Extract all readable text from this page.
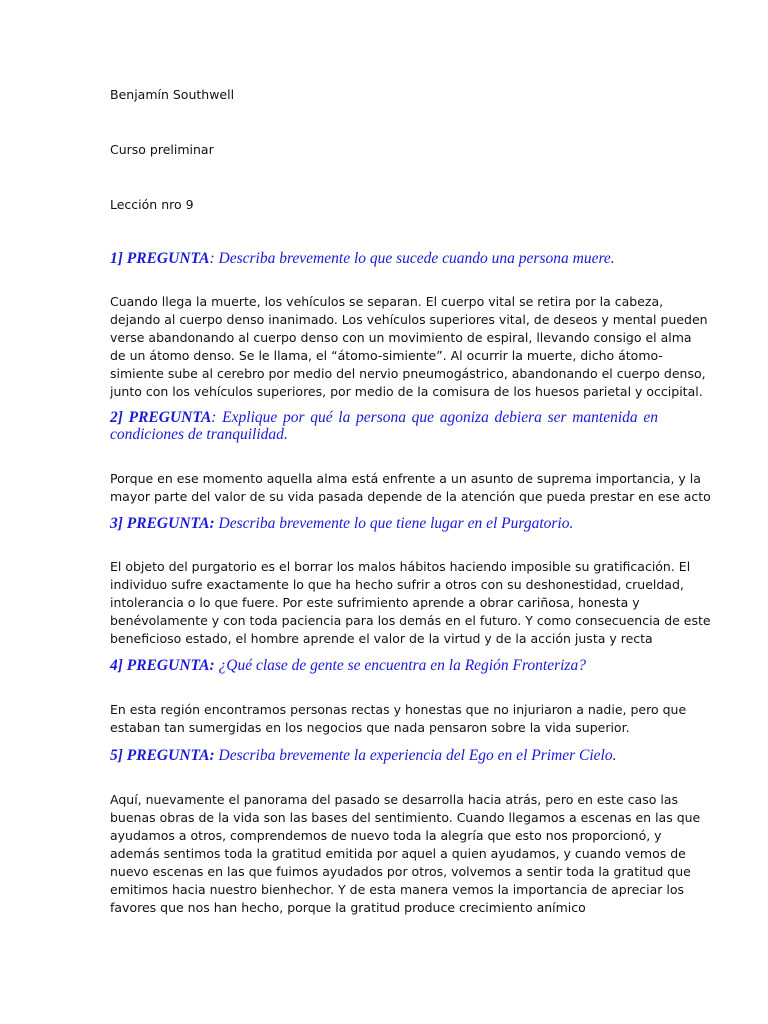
Benjamín Southwell
Curso preliminar
Lección nro 9
1] PREGUNTA: Describa brevemente lo que sucede cuando una persona muere.
Cuando llega la muerte, los vehículos se separan. El cuerpo vital se retira por la cabeza,
dejando al cuerpo denso inanimado. Los vehículos superiores vital, de deseos y mental pueden
verse abandonando al cuerpo denso con un movimiento de espiral, llevando consigo el alma
de un átomo denso. Se le llama, el “átomo-simiente”. Al ocurrir la muerte, dicho átomo-
simiente sube al cerebro por medio del nervio pneumogástrico, abandonando el cuerpo denso,
junto con los vehículos superiores, por medio de la comisura de los huesos parietal y occipital.
2] PREGUNTA: Explique por qué la persona que agoniza debiera ser mantenida en condiciones de tranquilidad.
Porque en ese momento aquella alma está enfrente a un asunto de suprema importancia, y la
mayor parte del valor de su vida pasada depende de la atención que pueda prestar en ese acto
3] PREGUNTA: Describa brevemente lo que tiene lugar en el Purgatorio.
El objeto del purgatorio es el borrar los malos hábitos haciendo imposible su gratificación. El
individuo sufre exactamente lo que ha hecho sufrir a otros con su deshonestidad, crueldad,
intolerancia o lo que fuere. Por este sufrimiento aprende a obrar cariñosa, honesta y
benévolamente y con toda paciencia para los demás en el futuro. Y como consecuencia de este
beneficioso estado, el hombre aprende el valor de la virtud y de la acción justa y recta
4] PREGUNTA: ¿Qué clase de gente se encuentra en la Región Fronteriza?
En esta región encontramos personas rectas y honestas que no injuriaron a nadie, pero que
estaban tan sumergidas en los negocios que nada pensaron sobre la vida superior.
5] PREGUNTA: Describa brevemente la experiencia del Ego en el Primer Cielo.
Aquí, nuevamente el panorama del pasado se desarrolla hacia atrás, pero en este caso las
buenas obras de la vida son las bases del sentimiento. Cuando llegamos a escenas en las que
ayudamos a otros, comprendemos de nuevo toda la alegría que esto nos proporcionó, y
además sentimos toda la gratitud emitida por aquel a quien ayudamos, y cuando vemos de
nuevo escenas en las que fuimos ayudados por otros, volvemos a sentir toda la gratitud que
emitimos hacia nuestro bienhechor. Y de esta manera vemos la importancia de apreciar los
favores que nos han hecho, porque la gratitud produce crecimiento anímico
